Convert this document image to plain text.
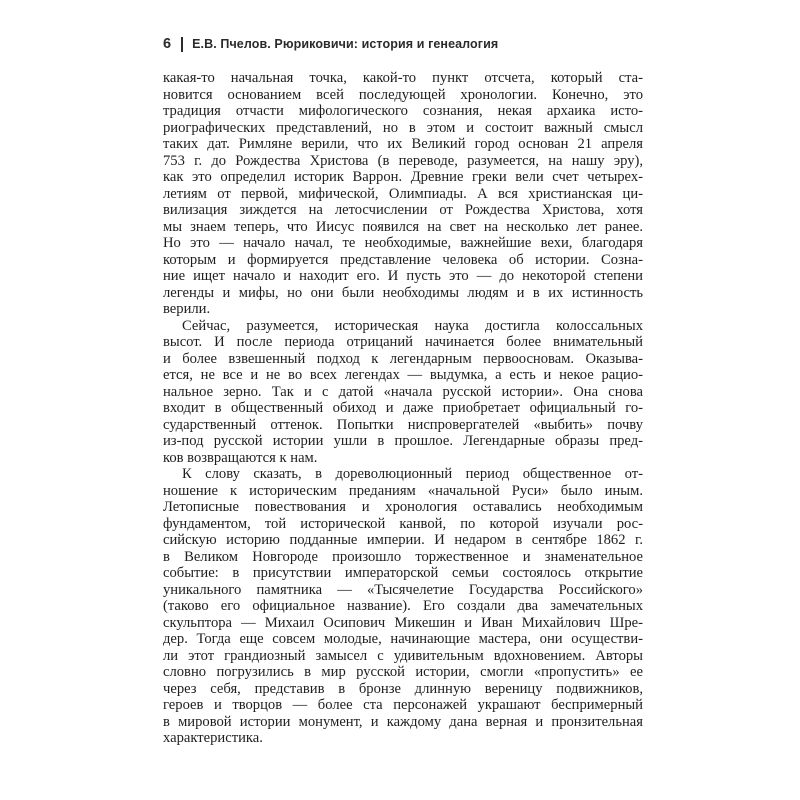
6 Е.В. Пчелов. Рюриковичи: история и генеалогия
какая-то начальная точка, какой-то пункт отсчета, который ста-
новится основанием всей последующей хронологии. Конечно, это
традиция отчасти мифологического сознания, некая архаика исто-
риографических представлений, но в этом и состоит важный смысл
таких дат. Римляне верили, что их Великий город основан 21 апреля
753 г. до Рождества Христова (в переводе, разумеется, на нашу эру),
как это определил историк Варрон. Древние греки вели счет четырех-
летиям от первой, мифической, Олимпиады. А вся христианская ци-
вилизация зиждется на летосчислении от Рождества Христова, хотя
мы знаем теперь, что Иисус появился на свет на несколько лет ранее.
Но это — начало начал, те необходимые, важнейшие вехи, благодаря
которым и формируется представление человека об истории. Созна-
ние ищет начало и находит его. И пусть это — до некоторой степени
легенды и мифы, но они были необходимы людям и в их истинность
верили.
Сейчас, разумеется, историческая наука достигла колоссальных
высот. И после периода отрицаний начинается более внимательный
и более взвешенный подход к легендарным первоосновам. Оказыва-
ется, не все и не во всех легендах — выдумка, а есть и некое рацио-
нальное зерно. Так и с датой «начала русской истории». Она снова
входит в общественный обиход и даже приобретает официальный го-
сударственный оттенок. Попытки ниспровергателей «выбить» почву
из-под русской истории ушли в прошлое. Легендарные образы пред-
ков возвращаются к нам.
К слову сказать, в дореволюционный период общественное от-
ношение к историческим преданиям «начальной Руси» было иным.
Летописные повествования и хронология оставались необходимым
фундаментом, той исторической канвой, по которой изучали рос-
сийскую историю подданные империи. И недаром в сентябре 1862 г.
в Великом Новгороде произошло торжественное и знаменательное
событие: в присутствии императорской семьи состоялось открытие
уникального памятника — «Тысячелетие Государства Российского»
(таково его официальное название). Его создали два замечательных
скульптора — Михаил Осипович Микешин и Иван Михайлович Шре-
дер. Тогда еще совсем молодые, начинающие мастера, они осуществи-
ли этот грандиозный замысел с удивительным вдохновением. Авторы
словно погрузились в мир русской истории, смогли «пропустить» ее
через себя, представив в бронзе длинную вереницу подвижников,
героев и творцов — более ста персонажей украшают беспримерный
в мировой истории монумент, и каждому дана верная и пронзительная
характеристика.
